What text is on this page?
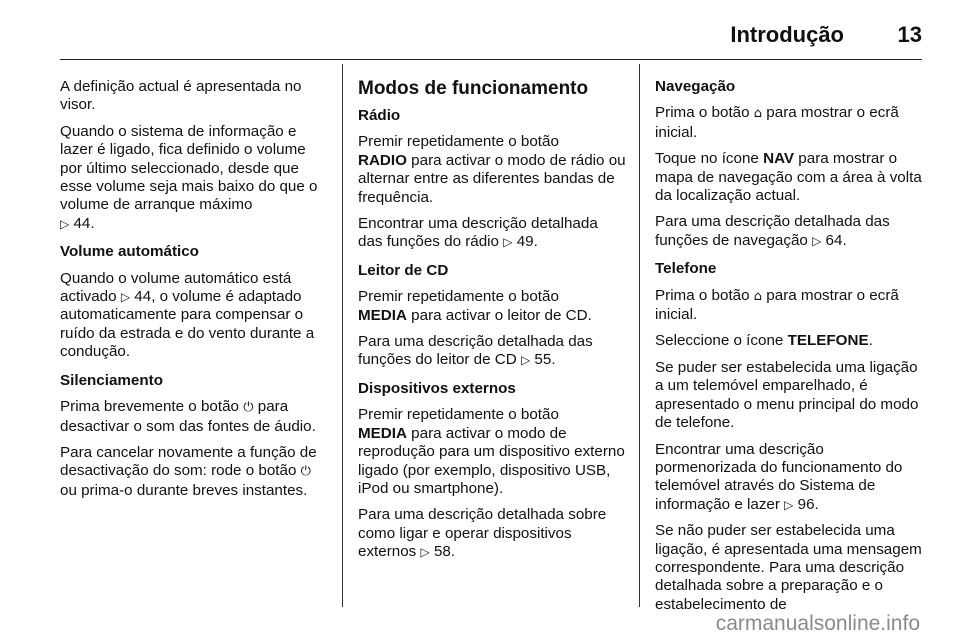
Introdução 13

A definição actual é apresentada no visor.

Quando o sistema de informação e lazer é ligado, fica definido o volume por último seleccionado, desde que esse volume seja mais baixo do que o volume de arranque máximo
▷ 44.

Volume automático

Quando o volume automático está activado ▷ 44, o volume é adaptado automaticamente para compensar o ruído da estrada e do vento durante a condução.

Silenciamento

Prima brevemente o botão ⏻ para desactivar o som das fontes de áudio.

Para cancelar novamente a função de desactivação do som: rode o botão ⏻ ou prima-o durante breves instantes.

Modos de funcionamento

Rádio

Premir repetidamente o botão
RADIO para activar o modo de rádio ou alternar entre as diferentes bandas de frequência.

Encontrar uma descrição detalhada das funções do rádio ▷ 49.

Leitor de CD

Premir repetidamente o botão
MEDIA para activar o leitor de CD.

Para uma descrição detalhada das funções do leitor de CD ▷ 55.

Dispositivos externos

Premir repetidamente o botão
MEDIA para activar o modo de reprodução para um dispositivo externo ligado (por exemplo, dispositivo USB, iPod ou smartphone).

Para uma descrição detalhada sobre como ligar e operar dispositivos externos ▷ 58.

Navegação

Prima o botão ⌂ para mostrar o ecrã inicial.

Toque no ícone NAV para mostrar o mapa de navegação com a área à volta da localização actual.

Para uma descrição detalhada das funções de navegação ▷ 64.

Telefone

Prima o botão ⌂ para mostrar o ecrã inicial.

Seleccione o ícone TELEFONE.

Se puder ser estabelecida uma ligação a um telemóvel emparelhado, é apresentado o menu principal do modo de telefone.

Encontrar uma descrição pormenorizada do funcionamento do telemóvel através do Sistema de informação e lazer ▷ 96.

Se não puder ser estabelecida uma ligação, é apresentada uma mensagem correspondente. Para uma descrição detalhada sobre a preparação e o estabelecimento de

carmanualsonline.info
